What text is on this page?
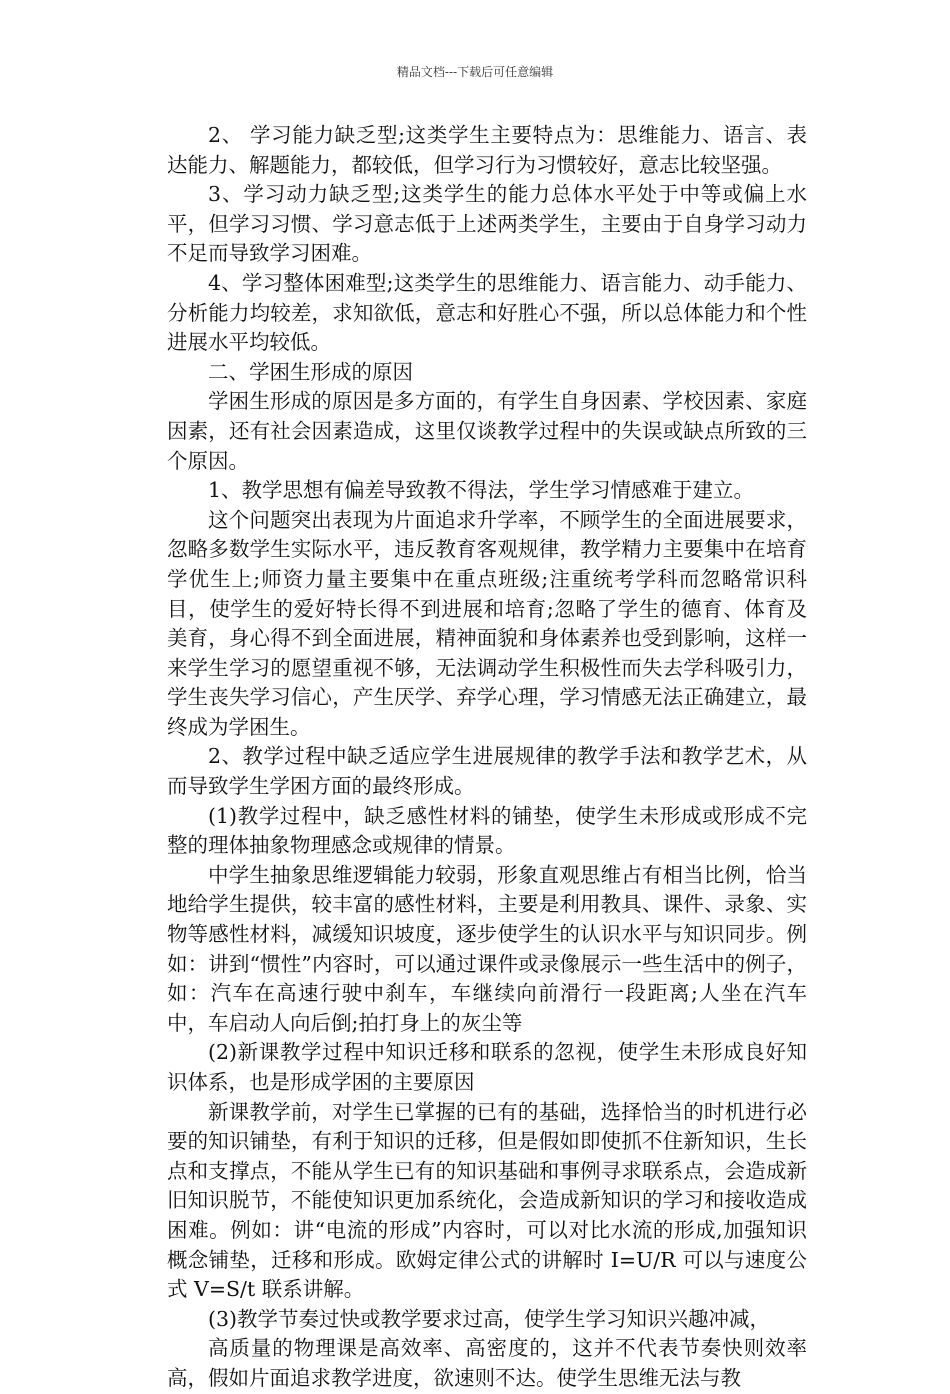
精品文档---下载后可任意编辑

2、 学习能力缺乏型;这类学生主要特点为：思维能力、语言、表达能力、解题能力，都较低，但学习行为习惯较好，意志比较坚强。

3、学习动力缺乏型;这类学生的能力总体水平处于中等或偏上水平，但学习习惯、学习意志低于上述两类学生，主要由于自身学习动力不足而导致学习困难。

4、学习整体困难型;这类学生的思维能力、语言能力、动手能力、分析能力均较差，求知欲低，意志和好胜心不强，所以总体能力和个性进展水平均较低。

二、学困生形成的原因

学困生形成的原因是多方面的，有学生自身因素、学校因素、家庭因素，还有社会因素造成，这里仅谈教学过程中的失误或缺点所致的三个原因。

1、教学思想有偏差导致教不得法，学生学习情感难于建立。

这个问题突出表现为片面追求升学率，不顾学生的全面进展要求，忽略多数学生实际水平，违反教育客观规律，教学精力主要集中在培育学优生上;师资力量主要集中在重点班级;注重统考学科而忽略常识科目，使学生的爱好特长得不到进展和培育;忽略了学生的德育、体育及美育，身心得不到全面进展，精神面貌和身体素养也受到影响，这样一来学生学习的愿望重视不够，无法调动学生积极性而失去学科吸引力，学生丧失学习信心，产生厌学、弃学心理，学习情感无法正确建立，最终成为学困生。

2、教学过程中缺乏适应学生进展规律的教学手法和教学艺术，从而导致学生学困方面的最终形成。

(1)教学过程中，缺乏感性材料的铺垫，使学生未形成或形成不完整的理体抽象物理感念或规律的情景。

中学生抽象思维逻辑能力较弱，形象直观思维占有相当比例，恰当地给学生提供，较丰富的感性材料，主要是利用教具、课件、录象、实物等感性材料，减缓知识坡度，逐步使学生的认识水平与知识同步。例如：讲到“惯性”内容时，可以通过课件或录像展示一些生活中的例子，如：汽车在高速行驶中刹车，车继续向前滑行一段距离;人坐在汽车中，车启动人向后倒;拍打身上的灰尘等

(2)新课教学过程中知识迁移和联系的忽视，使学生未形成良好知识体系，也是形成学困的主要原因

新课教学前，对学生已掌握的已有的基础，选择恰当的时机进行必要的知识铺垫，有利于知识的迁移，但是假如即使抓不住新知识，生长点和支撑点，不能从学生已有的知识基础和事例寻求联系点，会造成新旧知识脱节，不能使知识更加系统化，会造成新知识的学习和接收造成困难。例如：讲“电流的形成”内容时，可以对比水流的形成,加强知识概念铺垫，迁移和形成。欧姆定律公式的讲解时 I=U/R 可以与速度公式 V=S/t 联系讲解。

(3)教学节奏过快或教学要求过高，使学生学习知识兴趣冲减，

高质量的物理课是高效率、高密度的，这并不代表节奏快则效率高，假如片面追求教学进度，欲速则不达。使学生思维无法与教
